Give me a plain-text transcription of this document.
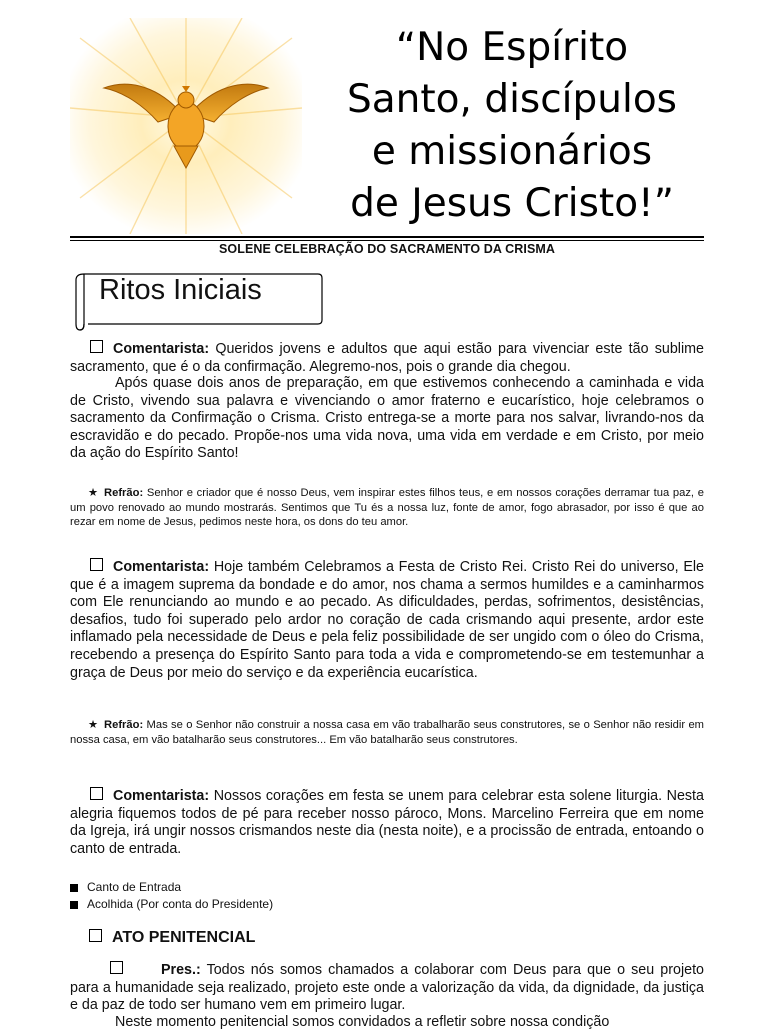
“No Espírito
Santo, discípulos
e missionários
de Jesus Cristo!”
SOLENE CELEBRAÇÃO DO SACRAMENTO DA CRISMA
Ritos Iniciais
Comentarista: Queridos jovens e adultos que aqui estão para vivenciar este tão sublime sacramento, que é o da confirmação. Alegremo-nos, pois o grande dia chegou.
Após quase dois anos de preparação, em que estivemos conhecendo a caminhada e vida de Cristo, vivendo sua palavra e vivenciando o amor fraterno e eucarístico, hoje celebramos o sacramento da Confirmação o Crisma. Cristo entrega-se a morte para nos salvar, livrando-nos da escravidão e do pecado. Propõe-nos uma vida nova, uma vida em verdade e em Cristo, por meio da ação do Espírito Santo!
★ Refrão: Senhor e criador que é nosso Deus, vem inspirar estes filhos teus, e em nossos corações derramar tua paz, e um povo renovado ao mundo mostrarás. Sentimos que Tu és a nossa luz, fonte de amor, fogo abrasador, por isso é que ao rezar em nome de Jesus, pedimos neste hora, os dons do teu amor.
Comentarista: Hoje também Celebramos a Festa de Cristo Rei. Cristo Rei do universo, Ele que é a imagem suprema da bondade e do amor, nos chama a sermos humildes e a caminharmos com Ele renunciando ao mundo e ao pecado. As dificuldades, perdas, sofrimentos, desistências, desafios, tudo foi superado pelo ardor no coração de cada crismando aqui presente, ardor este inflamado pela necessidade de Deus e pela feliz possibilidade de ser ungido com o óleo do Crisma, recebendo a presença do Espírito Santo para toda a vida e comprometendo-se em testemunhar a graça de Deus por meio do serviço e da experiência eucarística.
★ Refrão: Mas se o Senhor não construir a nossa casa em vão trabalharão seus construtores, se o Senhor não residir em nossa casa, em vão batalharão seus construtores... Em vão batalharão seus construtores.
Comentarista: Nossos corações em festa se unem para celebrar esta solene liturgia. Nesta alegria fiquemos todos de pé para receber nosso pároco, Mons. Marcelino Ferreira que em nome da Igreja, irá ungir nossos crismandos neste dia (nesta noite), e a procissão de entrada, entoando o canto de entrada.
Canto de Entrada
Acolhida (Por conta do Presidente)
ATO PENITENCIAL
Pres.: Todos nós somos chamados a colaborar com Deus para que o seu projeto para a humanidade seja realizado, projeto este onde a valorização da vida, da dignidade, da justiça e da paz de todo ser humano vem em primeiro lugar.
Neste momento penitencial somos convidados a refletir sobre nossa condição
